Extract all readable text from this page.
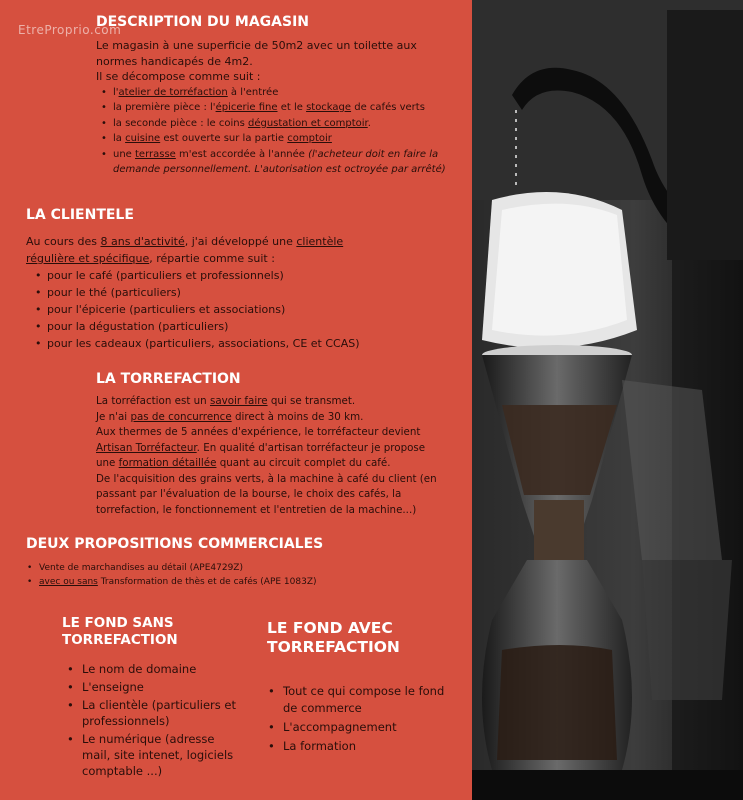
EtreProprio.com
DESCRIPTION DU MAGASIN
Le magasin à une superficie de 50m2 avec un toilette aux
normes handicapés de 4m2.
Il se décompose comme suit :
• l'atelier de torréfaction à l'entrée
• la première pièce : l'épicerie fine et le stockage de cafés verts
• la seconde pièce : le coins dégustation et comptoir.
• la cuisine est ouverte sur la partie comptoir
• une terrasse m'est accordée à l'année (l'acheteur doit en faire la demande personnellement. L'autorisation est octroyée par arrêté)
LA CLIENTELE
Au cours des 8 ans d'activité, j'ai développé une clientèle
régulière et spécifique, répartie comme suit :
• pour le café (particuliers et professionnels)
• pour le thé (particuliers)
• pour l'épicerie (particuliers et associations)
• pour la dégustation (particuliers)
• pour les cadeaux (particuliers, associations, CE et CCAS)
LA TORREFACTION
La torréfaction est un savoir faire qui se transmet.
Je n'ai pas de concurrence direct à moins de 30 km.
Aux thermes de 5 années d'expérience, le torréfacteur devient
Artisan Torréfacteur. En qualité d'artisan torréfacteur je propose
une formation détaillée quant au circuit complet du café.
De l'acquisition des grains verts, à la machine à café du client (en
passant par l'évaluation de la bourse, le choix des cafés, la
torrefaction, le fonctionnement et l'entretien de la machine...)
DEUX PROPOSITIONS COMMERCIALES
• Vente de marchandises au détail (APE4729Z)
• avec ou sans Transformation de thès et de cafés (APE 1083Z)
LE FOND SANS
TORREFACTION
• Le nom de domaine
• L'enseigne
• La clientèle (particuliers et professionnels)
• Le numérique (adresse mail, site intenet, logiciels comptable ...)
LE FOND AVEC
TORREFACTION
• Tout ce qui compose le fond de commerce
• L'accompagnement
• La formation
